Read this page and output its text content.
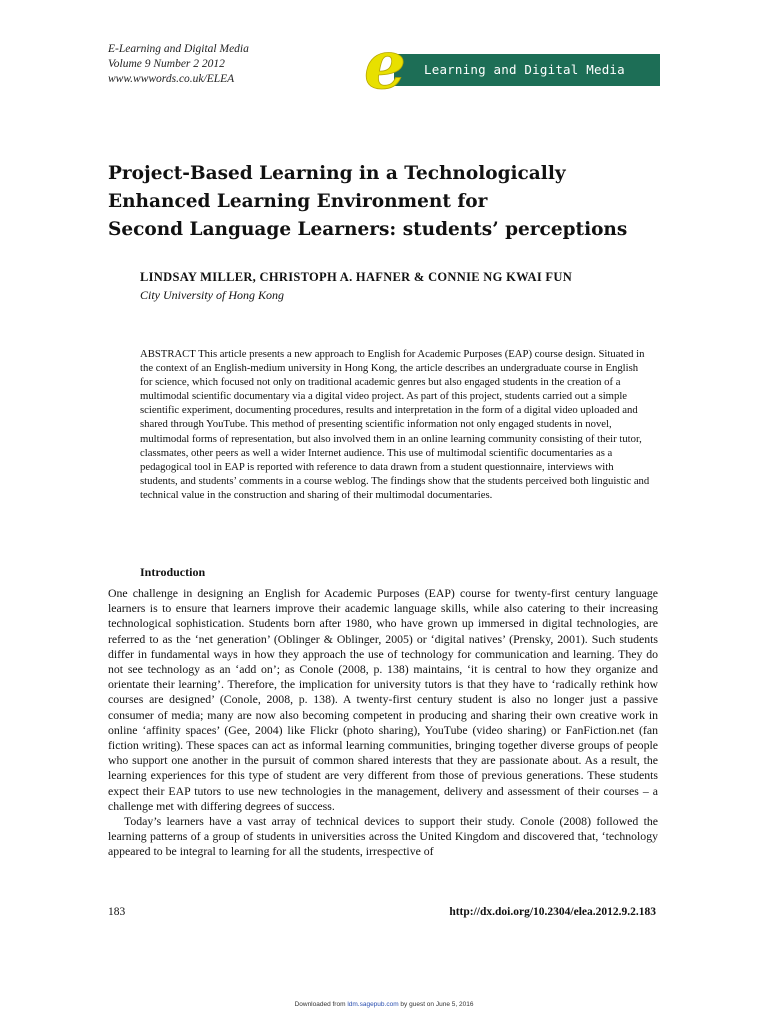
E-Learning and Digital Media
Volume 9 Number 2 2012
www.wwwords.co.uk/ELEA
Learning and Digital Media
e
Project-Based Learning in a Technologically
Enhanced Learning Environment for
Second Language Learners: students’ perceptions
LINDSAY MILLER, CHRISTOPH A. HAFNER & CONNIE NG KWAI FUN
City University of Hong Kong

ABSTRACT This article presents a new approach to English for Academic Purposes (EAP) course design. Situated in the context of an English-medium university in Hong Kong, the article describes an undergraduate course in English for science, which focused not only on traditional academic genres but also engaged students in the creation of a multimodal scientific documentary via a digital video project. As part of this project, students carried out a simple scientific experiment, documenting procedures, results and interpretation in the form of a digital video uploaded and shared through YouTube. This method of presenting scientific information not only engaged students in novel, multimodal forms of representation, but also involved them in an online learning community consisting of their tutor, classmates, other peers as well a wider Internet audience. This use of multimodal scientific documentaries as a pedagogical tool in EAP is reported with reference to data drawn from a student questionnaire, interviews with students, and students’ comments in a course weblog. The findings show that the students perceived both linguistic and technical value in the construction and sharing of their multimodal documentaries.

Introduction

One challenge in designing an English for Academic Purposes (EAP) course for twenty-first century language learners is to ensure that learners improve their academic language skills, while also catering to their increasing technological sophistication. Students born after 1980, who have grown up immersed in digital technologies, are referred to as the ‘net generation’ (Oblinger & Oblinger, 2005) or ‘digital natives’ (Prensky, 2001). Such students differ in fundamental ways in how they approach the use of technology for communication and learning. They do not see technology as an ‘add on’; as Conole (2008, p. 138) maintains, ‘it is central to how they organize and orientate their learning’. Therefore, the implication for university tutors is that they have to ‘radically rethink how courses are designed’ (Conole, 2008, p. 138). A twenty-first century student is also no longer just a passive consumer of media; many are now also becoming competent in producing and sharing their own creative work in online ‘affinity spaces’ (Gee, 2004) like Flickr (photo sharing), YouTube (video sharing) or FanFiction.net (fan fiction writing). These spaces can act as informal learning communities, bringing together diverse groups of people who support one another in the pursuit of common shared interests that they are passionate about. As a result, the learning experiences for this type of student are very different from those of previous generations. These students expect their EAP tutors to use new technologies in the management, delivery and assessment of their courses – a challenge met with differing degrees of success.

Today’s learners have a vast array of technical devices to support their study. Conole (2008) followed the learning patterns of a group of students in universities across the United Kingdom and discovered that, ‘technology appeared to be integral to learning for all the students, irrespective of

183	http://dx.doi.org/10.2304/elea.2012.9.2.183
Downloaded from ldm.sagepub.com by guest on June 5, 2016
